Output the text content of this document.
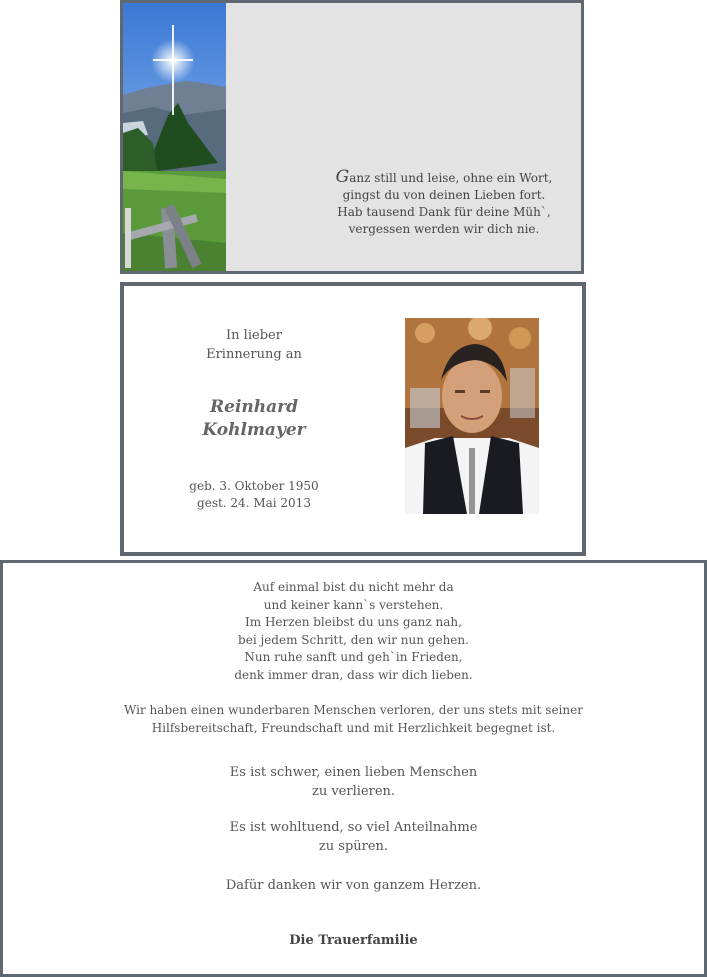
Ganz still und leise, ohne ein Wort,
gingst du von deinen Lieben fort.
Hab tausend Dank für deine Müh`,
vergessen werden wir dich nie.
In lieber
Erinnerung an
Reinhard
Kohlmayer
geb. 3. Oktober 1950
gest. 24. Mai 2013
Auf einmal bist du nicht mehr da
und keiner kann`s verstehen.
Im Herzen bleibst du uns ganz nah,
bei jedem Schritt, den wir nun gehen.
Nun ruhe sanft und geh`in Frieden,
denk immer dran, dass wir dich lieben.
Wir haben einen wunderbaren Menschen verloren, der uns stets mit seiner
Hilfsbereitschaft, Freundschaft und mit Herzlichkeit begegnet ist.
Es ist schwer, einen lieben Menschen
zu verlieren.
Es ist wohltuend, so viel Anteilnahme
zu spüren.
Dafür danken wir von ganzem Herzen.
Die Trauerfamilie
